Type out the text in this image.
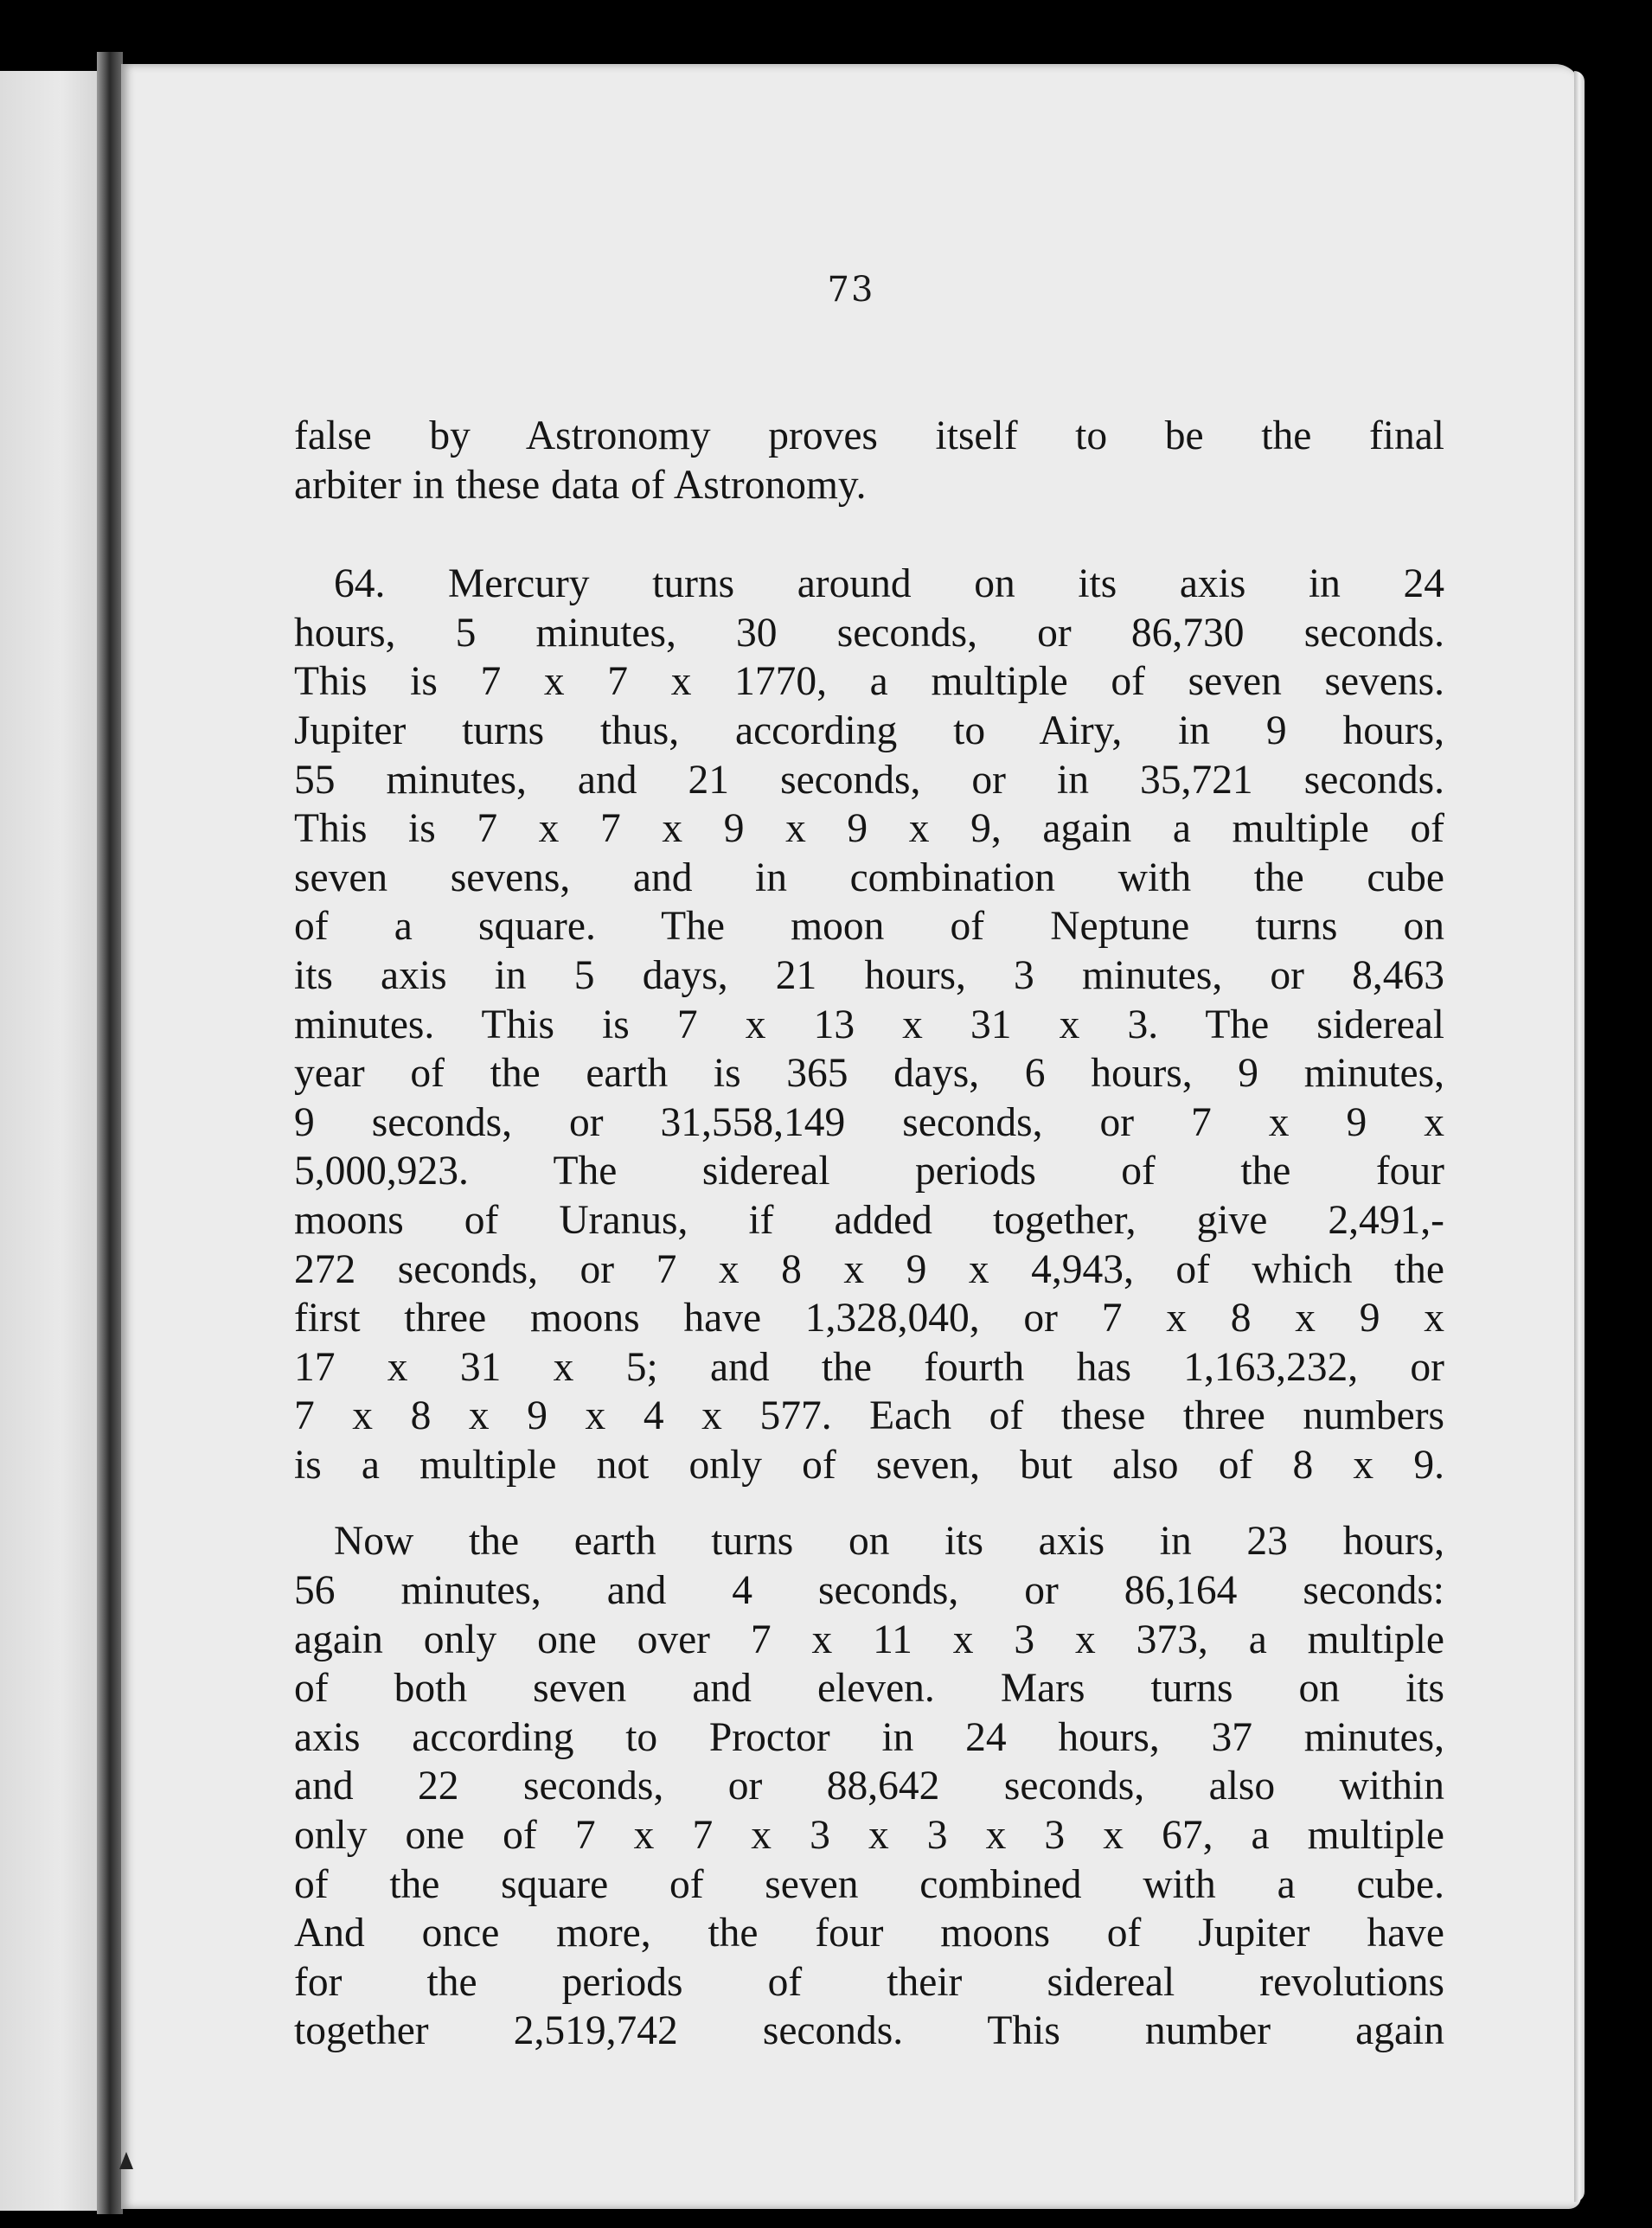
73
false by Astronomy proves itself to be the final
arbiter in these data of Astronomy.
64. Mercury turns around on its axis in 24
hours, 5 minutes, 30 seconds, or 86,730 seconds.
This is 7 x 7 x 1770, a multiple of seven sevens.
Jupiter turns thus, according to Airy, in 9 hours,
55 minutes, and 21 seconds, or in 35,721 seconds.
This is 7 x 7 x 9 x 9 x 9, again a multiple of
seven sevens, and in combination with the cube
of a square. The moon of Neptune turns on
its axis in 5 days, 21 hours, 3 minutes, or 8,463
minutes. This is 7 x 13 x 31 x 3. The sidereal
year of the earth is 365 days, 6 hours, 9 minutes,
9 seconds, or 31,558,149 seconds, or 7 x 9 x
5,000,923. The sidereal periods of the four
moons of Uranus, if added together, give 2,491,-
272 seconds, or 7 x 8 x 9 x 4,943, of which the
first three moons have 1,328,040, or 7 x 8 x 9 x
17 x 31 x 5; and the fourth has 1,163,232, or
7 x 8 x 9 x 4 x 577. Each of these three numbers
is a multiple not only of seven, but also of 8 x 9.
Now the earth turns on its axis in 23 hours,
56 minutes, and 4 seconds, or 86,164 seconds:
again only one over 7 x 11 x 3 x 373, a multiple
of both seven and eleven. Mars turns on its
axis according to Proctor in 24 hours, 37 minutes,
and 22 seconds, or 88,642 seconds, also within
only one of 7 x 7 x 3 x 3 x 3 x 67, a multiple
of the square of seven combined with a cube.
And once more, the four moons of Jupiter have
for the periods of their sidereal revolutions
together 2,519,742 seconds. This number again
